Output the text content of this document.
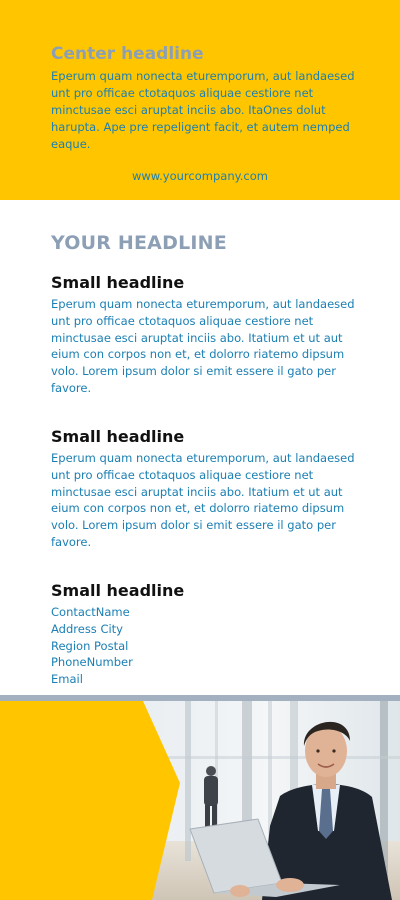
Center headline

Eperum quam nonecta eturemporum, aut landaesed unt pro officae ctotaquos aliquae cestiore net minctusae esci aruptat inciis abo. ItaOnes dolut harupta. Ape pre repeligent facit, et autem nemped eaque.

www.yourcompany.com
YOUR HEADLINE
Small headline

Eperum quam nonecta eturemporum, aut landaesed unt pro officae ctotaquos aliquae cestiore net minctusae esci aruptat inciis abo. Itatium et ut aut eium con corpos non et, et dolorro riatemo dipsum volo. Lorem ipsum dolor si emit essere il gato per favore.

Small headline

Eperum quam nonecta eturemporum, aut landaesed unt pro officae ctotaquos aliquae cestiore net minctusae esci aruptat inciis abo. Itatium et ut aut eium con corpos non et, et dolorro riatemo dipsum volo. Lorem ipsum dolor si emit essere il gato per favore.

Small headline
ContactName
Address City
Region Postal
PhoneNumber
Email
